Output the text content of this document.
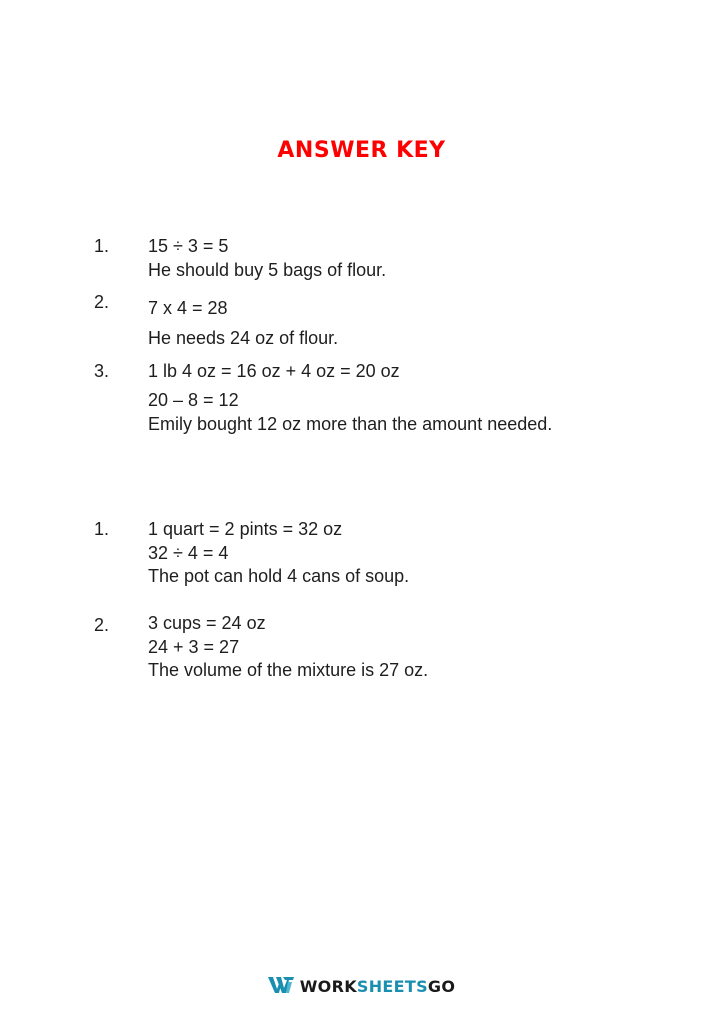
ANSWER KEY
1. 15 ÷ 3 = 5
He should buy 5 bags of flour.
2. 7 x 4 = 28
He needs 24 oz of flour.
3. 1 lb 4 oz = 16 oz + 4 oz = 20 oz
20 – 8 = 12
Emily bought 12 oz more than the amount needed.
1. 1 quart = 2 pints = 32 oz
32 ÷ 4 = 4
The pot can hold 4 cans of soup.
2. 3 cups = 24 oz
24 + 3 = 27
The volume of the mixture is 27 oz.
WORKSHEETSGO
